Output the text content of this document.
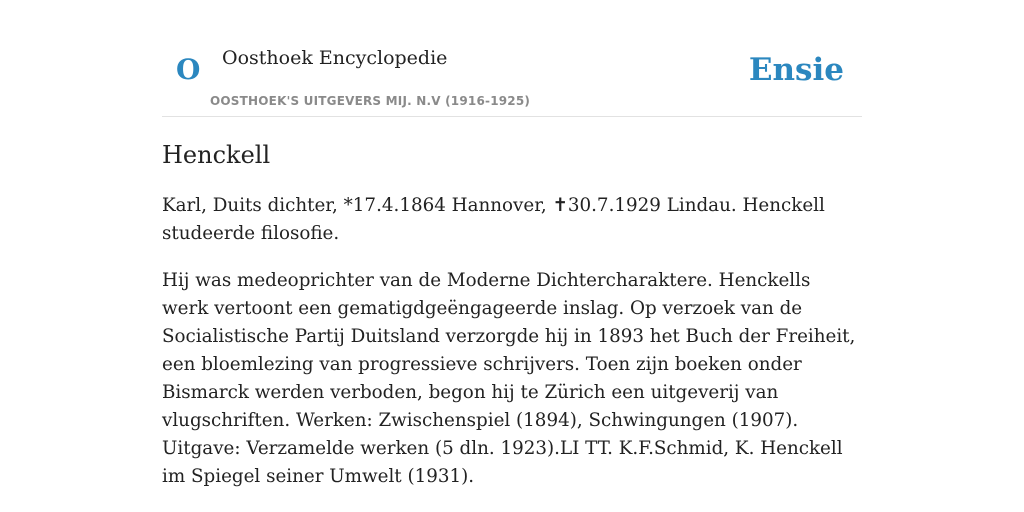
O Oosthoek Encyclopedie
OOSTHOEK'S UITGEVERS MIJ. N.V (1916-1925)
Ensie
Henckell

Karl, Duits dichter, *17.4.1864 Hannover, ✝30.7.1929 Lindau. Henckell studeerde filosofie.

Hij was medeoprichter van de Moderne Dichtercharaktere. Henckells werk vertoont een gematigdgeëngageerde inslag. Op verzoek van de Socialistische Partij Duitsland verzorgde hij in 1893 het Buch der Freiheit, een bloemlezing van progressieve schrijvers. Toen zijn boeken onder Bismarck werden verboden, begon hij te Zürich een uitgeverij van vlugschriften. Werken: Zwischenspiel (1894), Schwingungen (1907). Uitgave: Verzamelde werken (5 dln. 1923).LI TT. K.F.Schmid, K. Henckell im Spiegel seiner Umwelt (1931).
